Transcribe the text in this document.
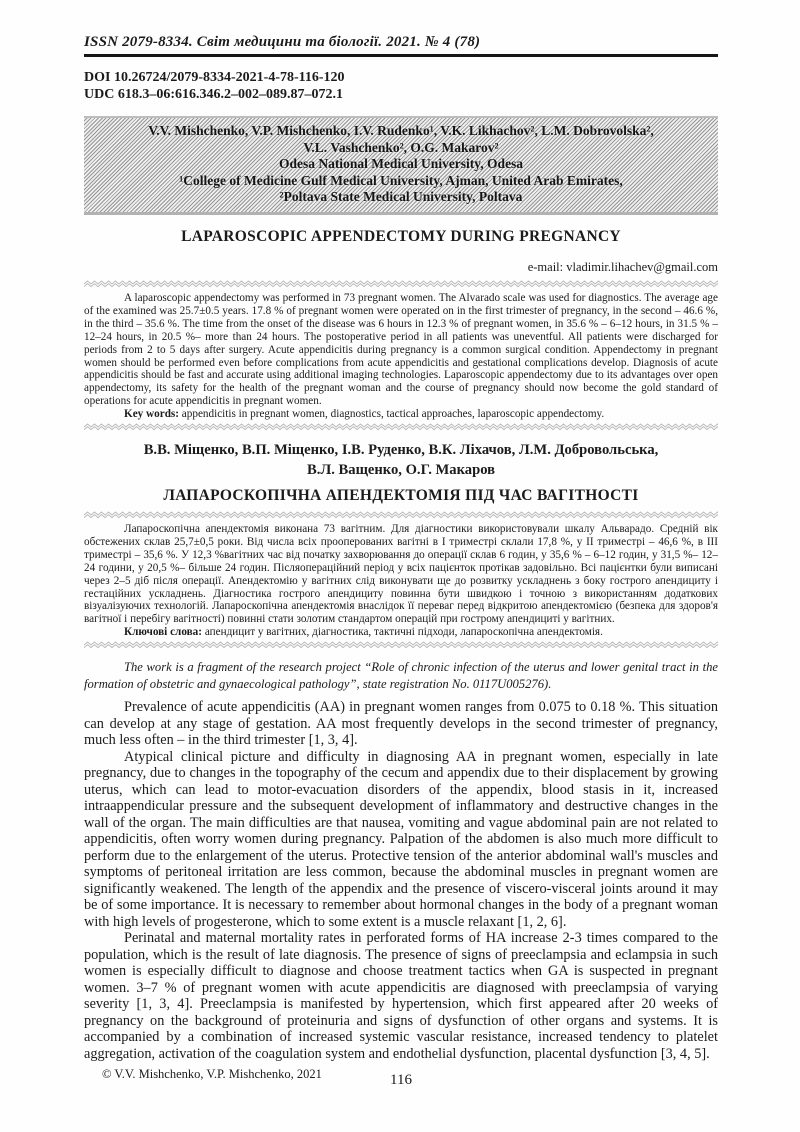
ISSN 2079-8334. Світ медицини та біології. 2021. № 4 (78)
DOI 10.26724/2079-8334-2021-4-78-116-120
UDC 618.3–06:616.346.2–002–089.87–072.1
V.V. Mishchenko, V.P. Mishchenko, I.V. Rudenko¹, V.K. Likhachov², L.M. Dobrovolska²,
V.L. Vashchenko², O.G. Makarov²
Odesa National Medical University, Odesa
¹College of Medicine Gulf Medical University, Ajman, United Arab Emirates,
²Poltava State Medical University, Poltava
LAPAROSCOPIC APPENDECTOMY DURING PREGNANCY
e-mail: vladimir.lihachev@gmail.com

A laparoscopic appendectomy was performed in 73 pregnant women. The Alvarado scale was used for diagnostics. The average age of the examined was 25.7±0.5 years. 17.8 % of pregnant women were operated on in the first trimester of pregnancy, in the second – 46.6 %, in the third – 35.6 %. The time from the onset of the disease was 6 hours in 12.3 % of pregnant women, in 35.6 % – 6–12 hours, in 31.5 % – 12–24 hours, in 20.5 %– more than 24 hours. The postoperative period in all patients was uneventful. All patients were discharged for periods from 2 to 5 days after surgery. Acute appendicitis during pregnancy is a common surgical condition. Appendectomy in pregnant women should be performed even before complications from acute appendicitis and gestational complications develop. Diagnosis of acute appendicitis should be fast and accurate using additional imaging technologies. Laparoscopic appendectomy due to its advantages over open appendectomy, its safety for the health of the pregnant woman and the course of pregnancy should now become the gold standard of operations for acute appendicitis in pregnant women.

Key words: appendicitis in pregnant women, diagnostics, tactical approaches, laparoscopic appendectomy.

В.В. Міщенко, В.П. Міщенко, І.В. Руденко, В.К. Ліхачов, Л.М. Добровольська,
В.Л. Ващенко, О.Г. Макаров
ЛАПАРОСКОПІЧНА АПЕНДЕКТОМІЯ ПІД ЧАС ВАГІТНОСТІ

Лапароскопічна апендектомія виконана 73 вагітним. Для діагностики використовували шкалу Альварадо. Средній вік обстежених склав 25,7±0,5 роки. Від числа всіх прооперованих вагітні в І триместрі склали 17,8 %, у ІІ триместрі – 46,6 %, в ІІІ триместрі – 35,6 %. У 12,3 %вагітних час від початку захворювання до операції склав 6 годин, у 35,6 % – 6–12 годин, у 31,5 %– 12–24 години, у 20,5 %– більше 24 годин. Післяопераційний період у всіх пацієнток протікав задовільно. Всі пацієнтки були виписані через 2–5 діб після операції. Апендектомію у вагітних слід виконувати ще до розвитку ускладнень з боку гострого апендициту і гестаційних ускладнень. Діагностика гострого апендициту повинна бути швидкою і точною з використанням додаткових візуалізуючих технологій. Лапароскопічна апендектомія внаслідок її переваг перед відкритою апендектомією (безпека для здоров'я вагітної і перебігу вагітності) повинні стати золотим стандартом операцій при гострому апендициті у вагітних.

Ключові слова: апендицит у вагітних, діагностика, тактичні підходи, лапароскопічна апендектомія.

The work is a fragment of the research project “Role of chronic infection of the uterus and lower genital tract in the formation of obstetric and gynaecological pathology”, state registration No. 0117U005276).

Prevalence of acute appendicitis (AA) in pregnant women ranges from 0.075 to 0.18 %. This situation can develop at any stage of gestation. AA most frequently develops in the second trimester of pregnancy, much less often – in the third trimester [1, 3, 4].

Atypical clinical picture and difficulty in diagnosing AA in pregnant women, especially in late pregnancy, due to changes in the topography of the cecum and appendix due to their displacement by growing uterus, which can lead to motor-evacuation disorders of the appendix, blood stasis in it, increased intraappendicular pressure and the subsequent development of inflammatory and destructive changes in the wall of the organ. The main difficulties are that nausea, vomiting and vague abdominal pain are not related to appendicitis, often worry women during pregnancy. Palpation of the abdomen is also much more difficult to perform due to the enlargement of the uterus. Protective tension of the anterior abdominal wall's muscles and symptoms of peritoneal irritation are less common, because the abdominal muscles in pregnant women are significantly weakened. The length of the appendix and the presence of viscero-visceral joints around it may be of some importance. It is necessary to remember about hormonal changes in the body of a pregnant woman with high levels of progesterone, which to some extent is a muscle relaxant [1, 2, 6].

Perinatal and maternal mortality rates in perforated forms of HA increase 2-3 times compared to the population, which is the result of late diagnosis. The presence of signs of preeclampsia and eclampsia in such women is especially difficult to diagnose and choose treatment tactics when GA is suspected in pregnant women. 3–7 % of pregnant women with acute appendicitis are diagnosed with preeclampsia of varying severity [1, 3, 4]. Preeclampsia is manifested by hypertension, which first appeared after 20 weeks of pregnancy on the background of proteinuria and signs of dysfunction of other organs and systems. It is accompanied by a combination of increased systemic vascular resistance, increased tendency to platelet aggregation, activation of the coagulation system and endothelial dysfunction, placental dysfunction [3, 4, 5].

© V.V. Mishchenko, V.P. Mishchenko, 2021	116
